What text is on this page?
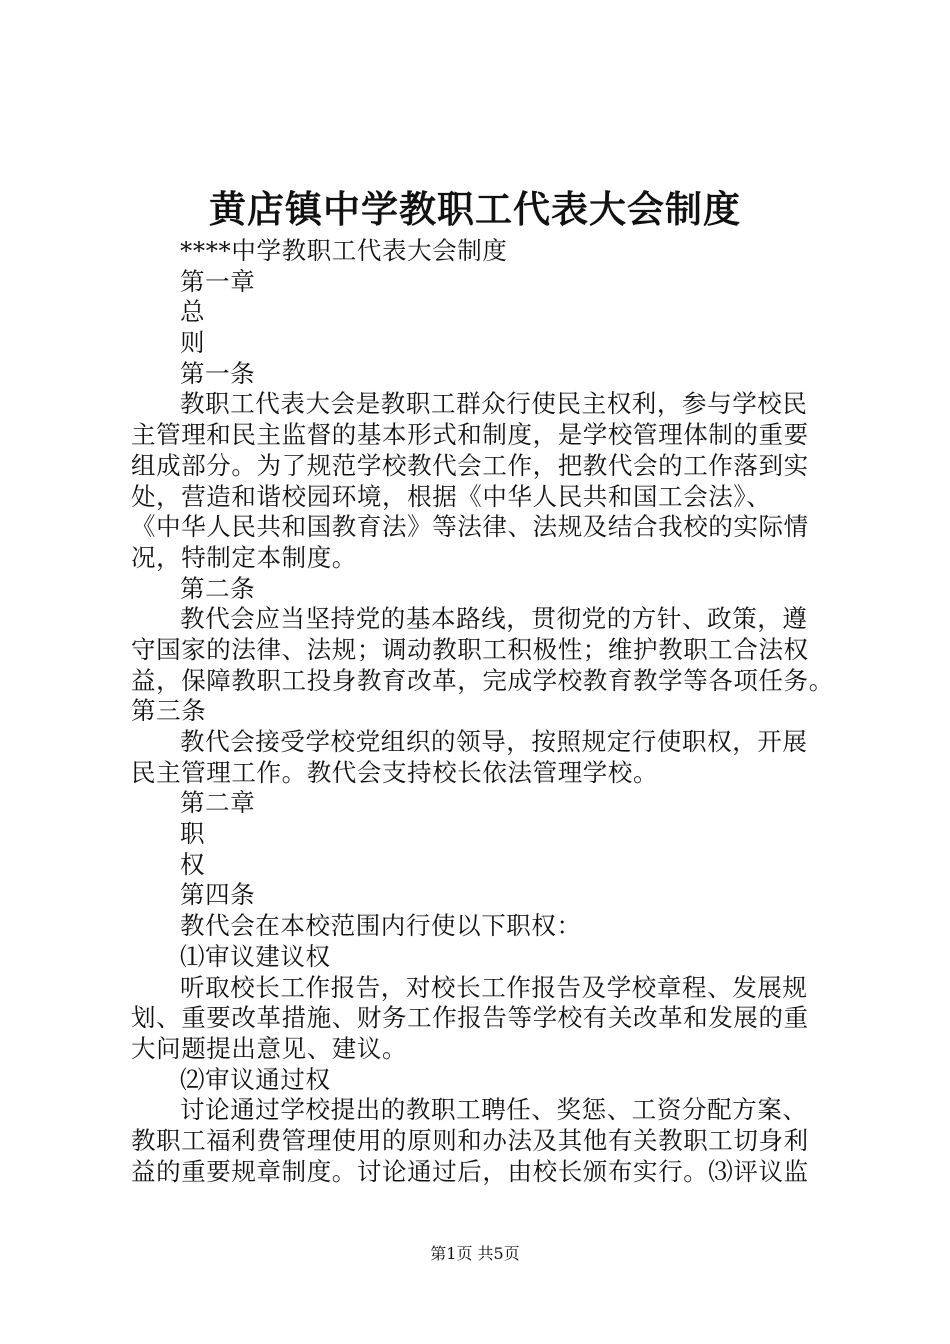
黄店镇中学教职工代表大会制度
****中学教职工代表大会制度
第一章
总
则
第一条
教职工代表大会是教职工群众行使民主权利，参与学校民
主管理和民主监督的基本形式和制度，是学校管理体制的重要
组成部分。为了规范学校教代会工作，把教代会的工作落到实
处，营造和谐校园环境，根据《中华人民共和国工会法》、
《中华人民共和国教育法》等法律、法规及结合我校的实际情
况，特制定本制度。
第二条
教代会应当坚持党的基本路线，贯彻党的方针、政策，遵
守国家的法律、法规；调动教职工积极性；维护教职工合法权
益，保障教职工投身教育改革，完成学校教育教学等各项任务。
第三条
教代会接受学校党组织的领导，按照规定行使职权，开展
民主管理工作。教代会支持校长依法管理学校。
第二章
职
权
第四条
教代会在本校范围内行使以下职权：
⑴审议建议权
听取校长工作报告，对校长工作报告及学校章程、发展规
划、重要改革措施、财务工作报告等学校有关改革和发展的重
大问题提出意见、建议。
⑵审议通过权
讨论通过学校提出的教职工聘任、奖惩、工资分配方案、
教职工福利费管理使用的原则和办法及其他有关教职工切身利
益的重要规章制度。讨论通过后，由校长颁布实行。⑶评议监
第1页 共5页
